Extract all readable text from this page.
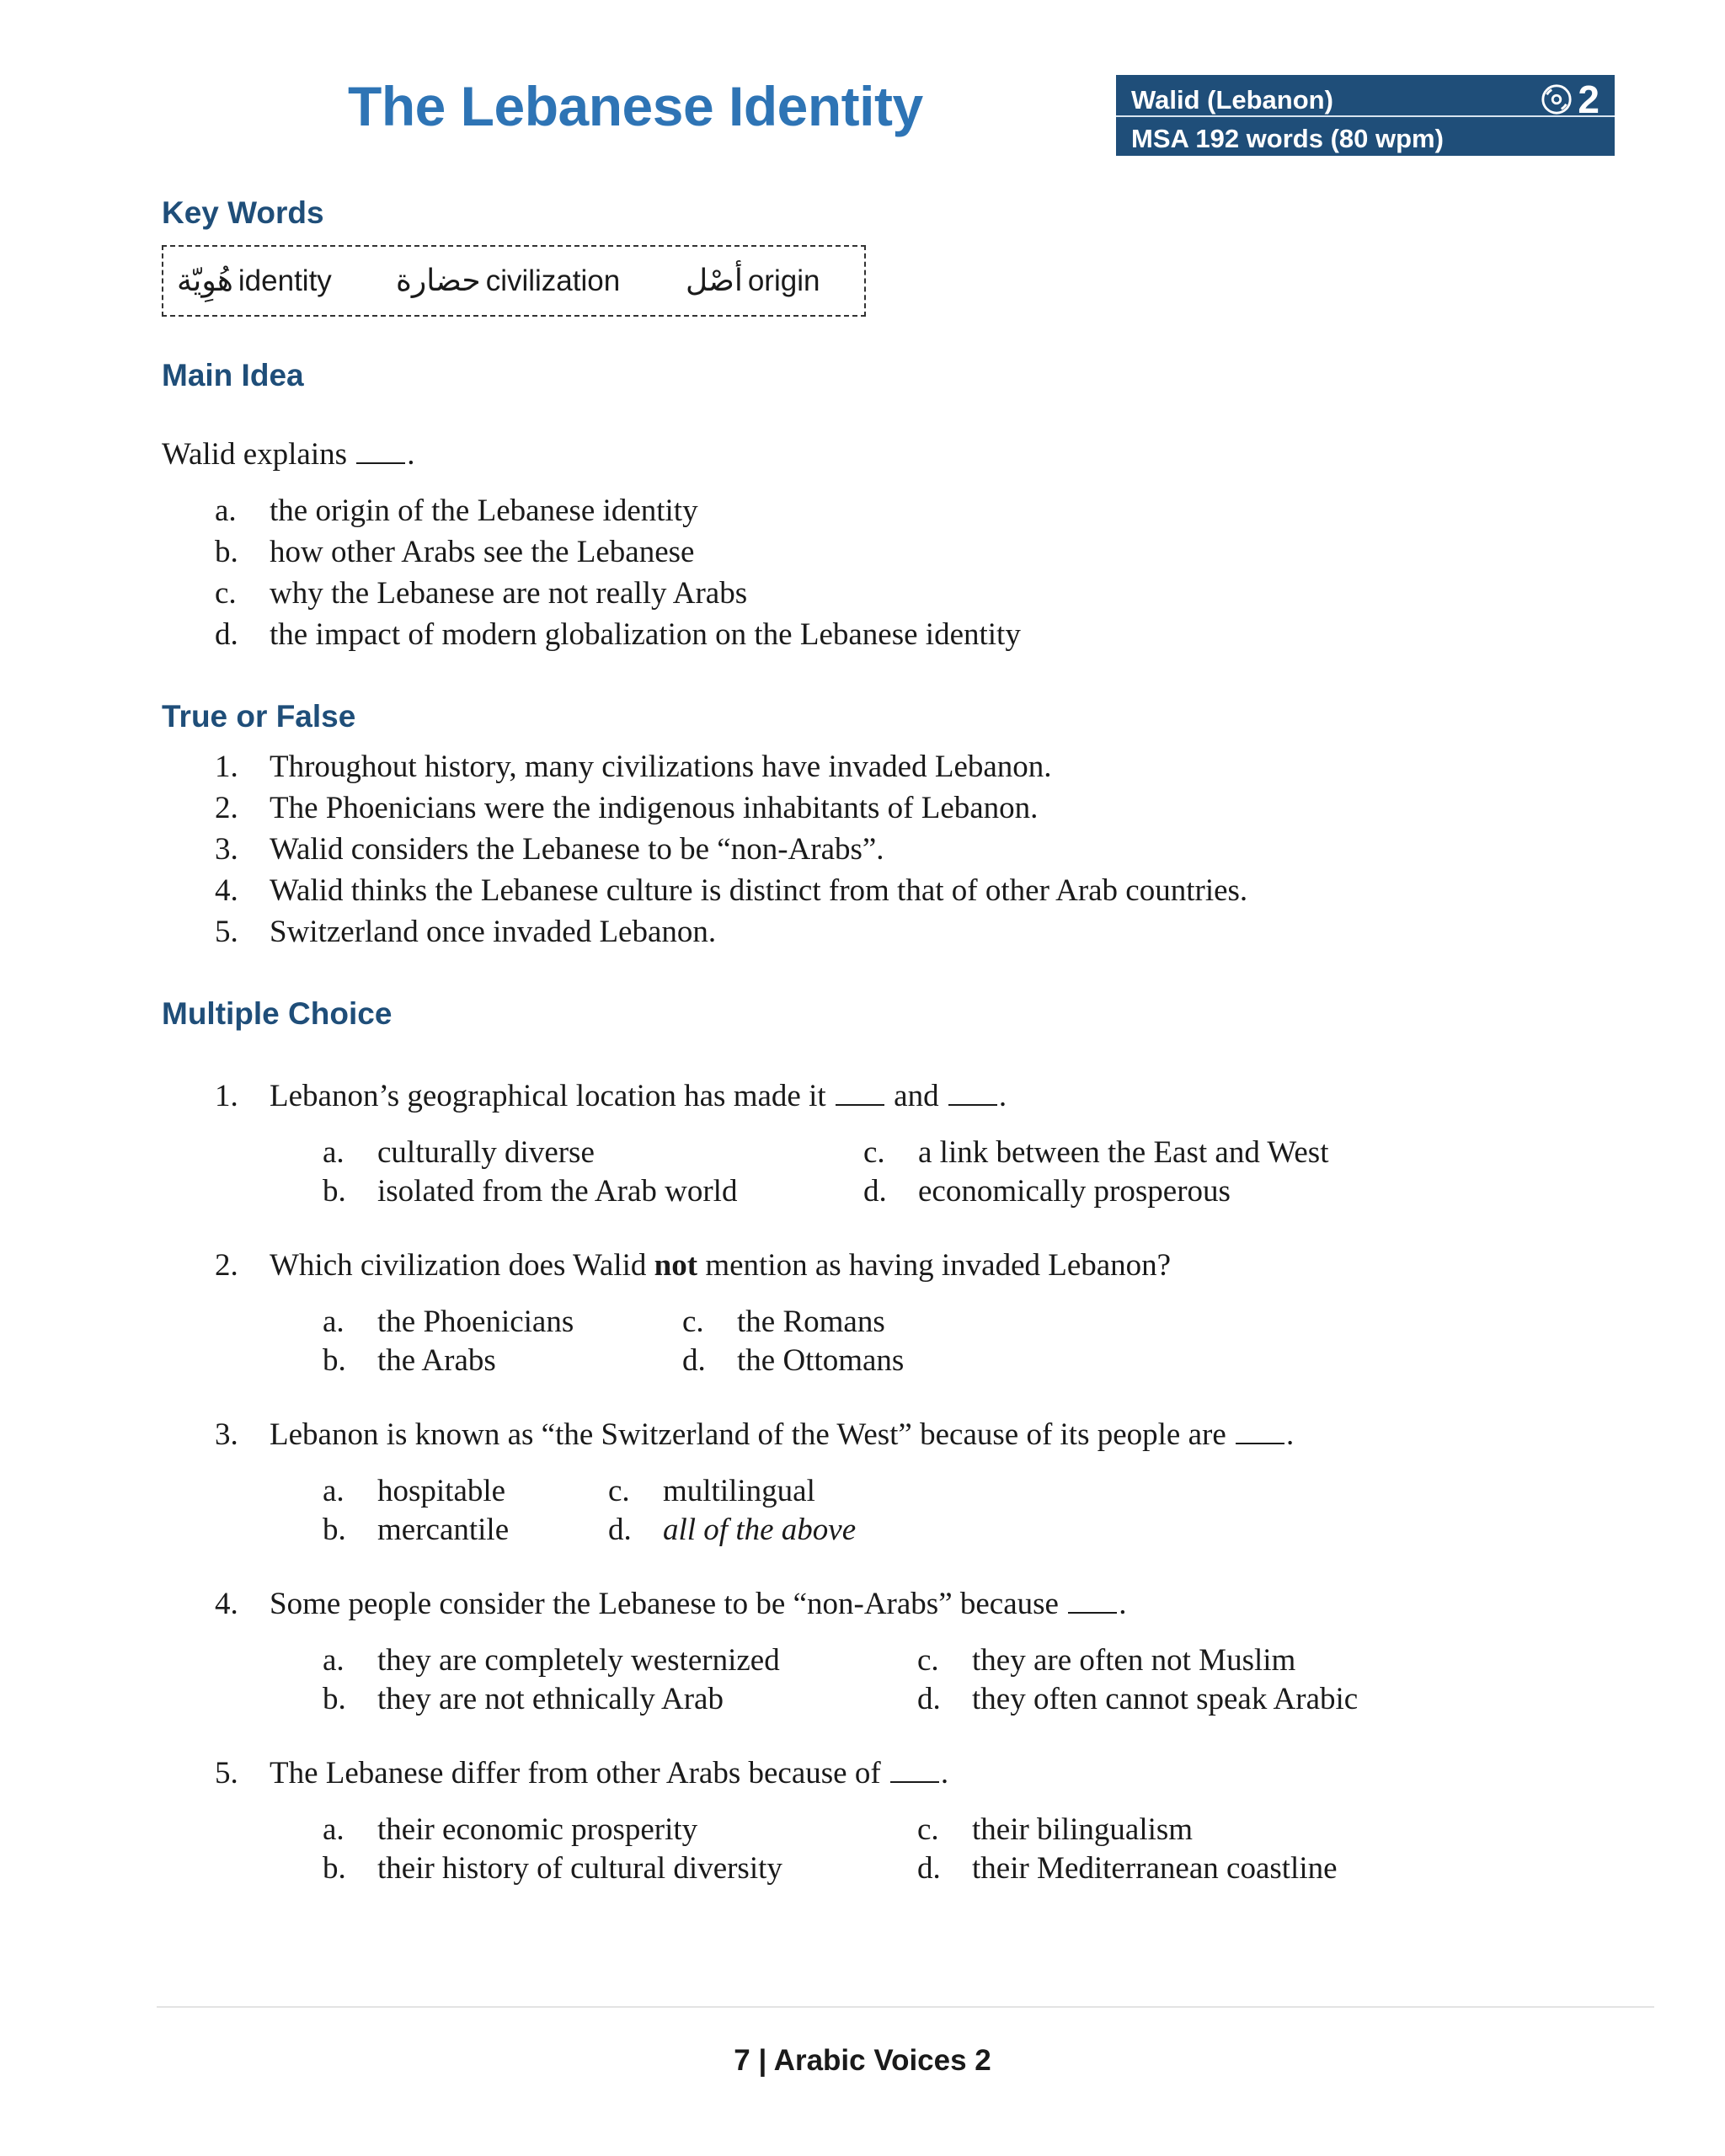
The Lebanese Identity	Walid (Lebanon)
MSA 192 words (80 wpm)
2
Key Words
هُوِيّة identity حضارة civilization أصْل origin
Main Idea
Walid explains .
a. the origin of the Lebanese identity
b. how other Arabs see the Lebanese
c. why the Lebanese are not really Arabs
d. the impact of modern globalization on the Lebanese identity
True or False
1. Throughout history, many civilizations have invaded Lebanon.
2. The Phoenicians were the indigenous inhabitants of Lebanon.
3. Walid considers the Lebanese to be “non-Arabs”.
4. Walid thinks the Lebanese culture is distinct from that of other Arab countries.
5. Switzerland once invaded Lebanon.
Multiple Choice
1. Lebanon’s geographical location has made it and .
a. culturally diverse
b. isolated from the Arab world
c. a link between the East and West
d. economically prosperous
2. Which civilization does Walid not mention as having invaded Lebanon?
a. the Phoenicians
b. the Arabs
c. the Romans
d. the Ottomans
3. Lebanon is known as “the Switzerland of the West” because of its people are .
a. hospitable
b. mercantile
c. multilingual
d. all of the above
4. Some people consider the Lebanese to be “non-Arabs” because .
a. they are completely westernized
b. they are not ethnically Arab
c. they are often not Muslim
d. they often cannot speak Arabic
5. The Lebanese differ from other Arabs because of .
a. their economic prosperity
b. their history of cultural diversity
c. their bilingualism
d. their Mediterranean coastline
7 | Arabic Voices 2
